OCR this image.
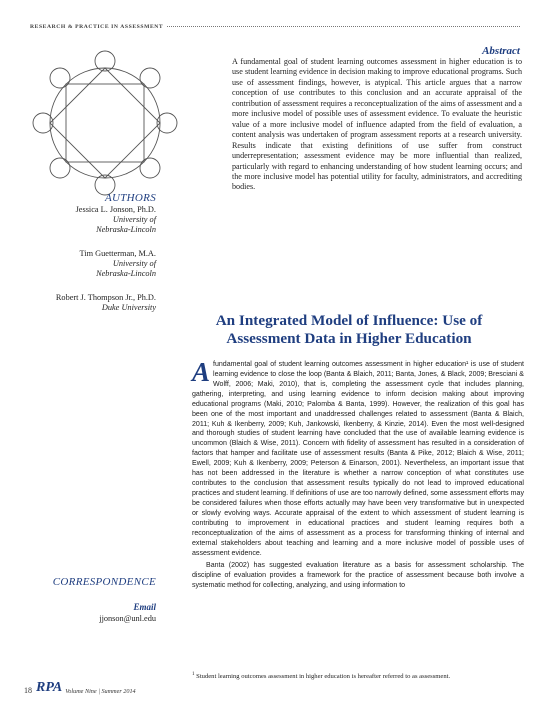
RESEARCH & PRACTICE IN ASSESSMENT
Abstract
A fundamental goal of student learning outcomes assessment in higher education is to use student learning evidence in decision making to improve educational programs. Such use of assessment findings, however, is atypical. This article argues that a narrow conception of use contributes to this conclusion and an accurate appraisal of the contribution of assessment requires a reconceptualization of the aims of assessment and a more inclusive model of possible uses of assessment evidence. To evaluate the heuristic value of a more inclusive model of influence adapted from the field of evaluation, a content analysis was undertaken of program assessment reports at a research university. Results indicate that existing definitions of use suffer from construct underrepresentation; assessment evidence may be more influential than realized, particularly with regard to enhancing understanding of how student learning occurs; and the more inclusive model has potential utility for faculty, administrators, and accrediting bodies.
AUTHORS
Jessica L. Jonson, Ph.D.
University of
Nebraska-Lincoln
Tim Guetterman, M.A.
University of
Nebraska-Lincoln
Robert J. Thompson Jr., Ph.D.
Duke University
An Integrated Model of Influence: Use of
Assessment Data in Higher Education

Afundamental goal of student learning outcomes assessment in higher education¹ is use of student learning evidence to close the loop (Banta & Blaich, 2011; Banta, Jones, & Black, 2009; Bresciani & Wolff, 2006; Maki, 2010), that is, completing the assessment cycle that includes planning, gathering, interpreting, and using learning evidence to inform decision making about improving educational programs (Maki, 2010; Palomba & Banta, 1999). However, the realization of this goal has been one of the most important and unaddressed challenges related to assessment (Banta & Blaich, 2011; Kuh & Ikenberry, 2009; Kuh, Jankowski, Ikenberry, & Kinzie, 2014). Even the most well-designed and thorough studies of student learning have concluded that the use of available learning evidence is uncommon (Blaich & Wise, 2011). Concern with fidelity of assessment has resulted in a consideration of factors that hamper and facilitate use of assessment results (Banta & Pike, 2012; Blaich & Wise, 2011; Ewell, 2009; Kuh & Ikenberry, 2009; Peterson & Einarson, 2001). Nevertheless, an important issue that has not been addressed in the literature is whether a narrow conception of what constitutes use contributes to the conclusion that assessment results typically do not lead to improved educational practices and student learning. If definitions of use are too narrowly defined, some assessment efforts may be considered failures when those efforts actually may have been very transformative but in unexpected or slowly evolving ways. Accurate appraisal of the extent to which assessment of student learning is contributing to improvement in educational practices and student learning requires both a reconceptualization of the aims of assessment as a process for transforming thinking of internal and external stakeholders about teaching and learning and a more inclusive model of possible uses of assessment evidence.

Banta (2002) has suggested evaluation literature as a basis for assessment scholarship. The discipline of evaluation provides a framework for the practice of assessment because both involve a systematic method for collecting, analyzing, and using information to

CORRESPONDENCE
Email
jjonson@unl.edu
$^1$ Student learning outcomes assessment in higher education is hereafter referred to as assessment.
18 RPA Volume Nine | Summer 2014
